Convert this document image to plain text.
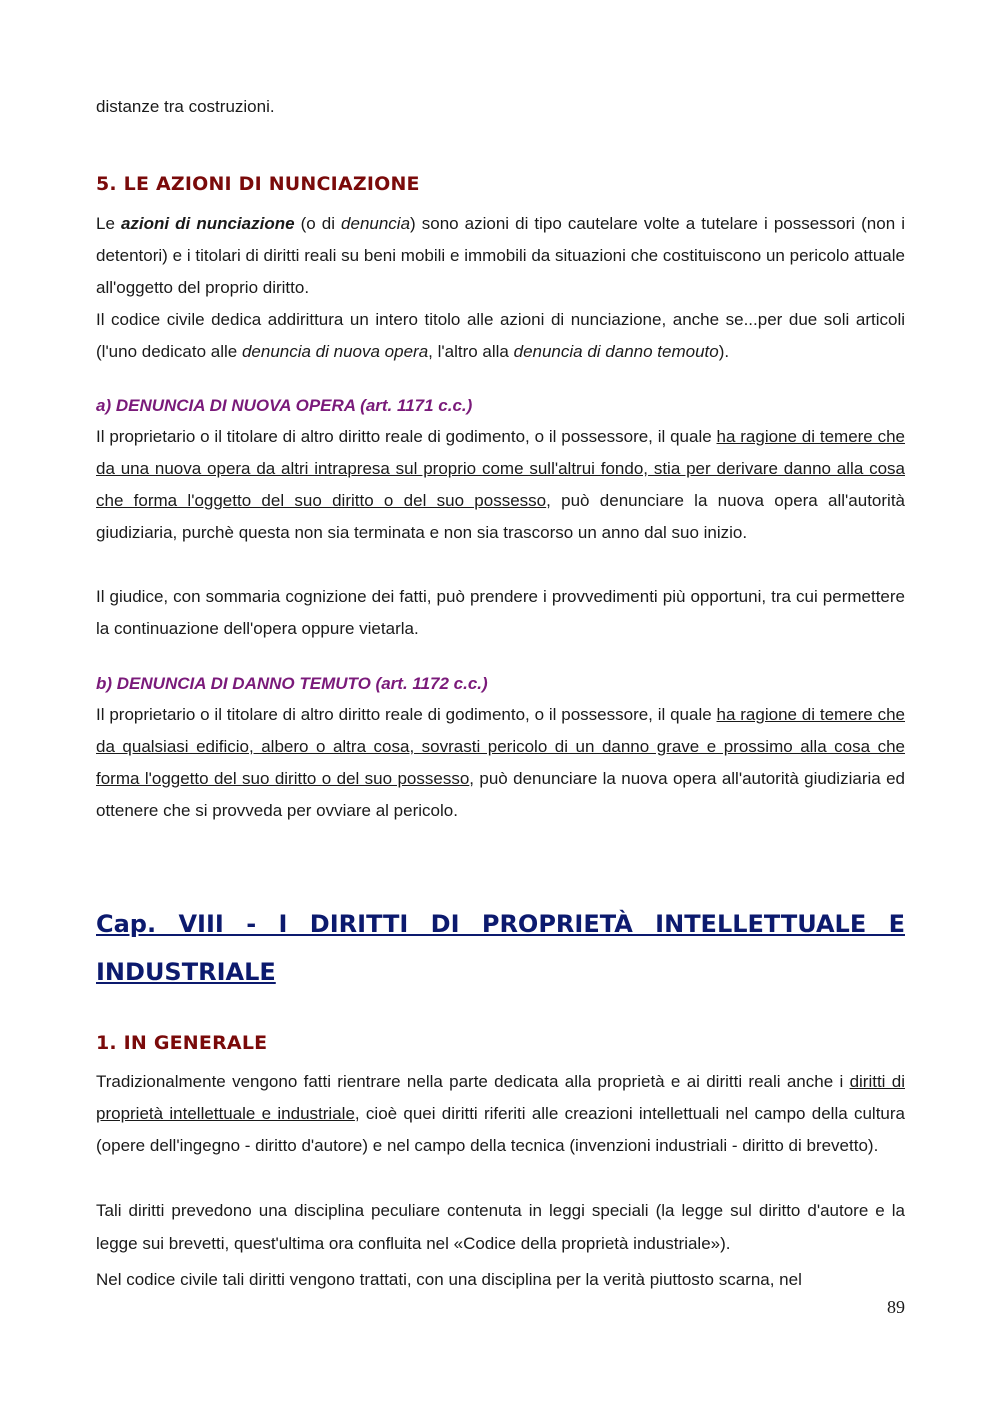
distanze tra costruzioni.

5. LE AZIONI DI NUNCIAZIONE

Le azioni di nunciazione (o di denuncia) sono azioni di tipo cautelare volte a tutelare i possessori (non i detentori) e i titolari di diritti reali su beni mobili e immobili da situazioni che costituiscono un pericolo attuale all'oggetto del proprio diritto.

Il codice civile dedica addirittura un intero titolo alle azioni di nunciazione, anche se...per due soli articoli (l'uno dedicato alle denuncia di nuova opera, l'altro alla denuncia di danno temouto).

a) DENUNCIA DI NUOVA OPERA (art. 1171 c.c.)

Il proprietario o il titolare di altro diritto reale di godimento, o il possessore, il quale ha ragione di temere che da una nuova opera da altri intrapresa sul proprio come sull'altrui fondo, stia per derivare danno alla cosa che forma l'oggetto del suo diritto o del suo possesso, può denunciare la nuova opera all'autorità giudiziaria, purchè questa non sia terminata e non sia trascorso un anno dal suo inizio.

Il giudice, con sommaria cognizione dei fatti, può prendere i provvedimenti più opportuni, tra cui permettere la continuazione dell'opera oppure vietarla.

b) DENUNCIA DI DANNO TEMUTO (art. 1172 c.c.)

Il proprietario o il titolare di altro diritto reale di godimento, o il possessore, il quale ha ragione di temere che da qualsiasi edificio, albero o altra cosa, sovrasti pericolo di un danno grave e prossimo alla cosa che forma l'oggetto del suo diritto o del suo possesso, può denunciare la nuova opera all'autorità giudiziaria ed ottenere che si provveda per ovviare al pericolo.

Cap. VIII - I DIRITTI DI PROPRIETÀ INTELLETTUALE E INDUSTRIALE
1. IN GENERALE

Tradizionalmente vengono fatti rientrare nella parte dedicata alla proprietà e ai diritti reali anche i diritti di proprietà intellettuale e industriale, cioè quei diritti riferiti alle creazioni intellettuali nel campo della cultura (opere dell'ingegno - diritto d'autore) e nel campo della tecnica (invenzioni industriali - diritto di brevetto).

Tali diritti prevedono una disciplina peculiare contenuta in leggi speciali (la legge sul diritto d'autore e la legge sui brevetti, quest'ultima ora confluita nel «Codice della proprietà industriale»).

Nel codice civile tali diritti vengono trattati, con una disciplina per la verità piuttosto scarna, nel

89
